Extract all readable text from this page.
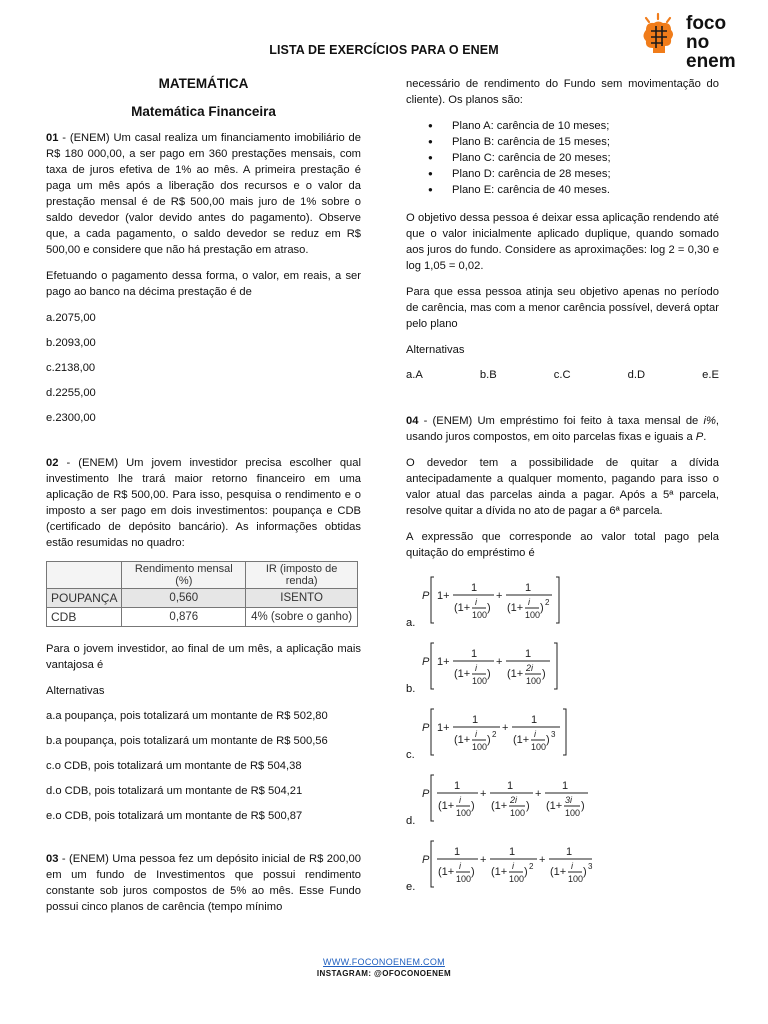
LISTA DE EXERCÍCIOS PARA O ENEM
foco
no enem

MATEMÁTICA

Matemática Financeira

01 - (ENEM) Um casal realiza um financiamento imobiliário de R$ 180 000,00, a ser pago em 360 prestações mensais, com taxa de juros efetiva de 1% ao mês. A primeira prestação é paga um mês após a liberação dos recursos e o valor da prestação mensal é de R$ 500,00 mais juro de 1% sobre o saldo devedor (valor devido antes do pagamento). Observe que, a cada pagamento, o saldo devedor se reduz em R$ 500,00 e considere que não há prestação em atraso.

Efetuando o pagamento dessa forma, o valor, em reais, a ser pago ao banco na décima prestação é de

a.2075,00

b.2093,00

c.2138,00

d.2255,00

e.2300,00

02 - (ENEM) Um jovem investidor precisa escolher qual investimento lhe trará maior retorno financeiro em uma aplicação de R$ 500,00. Para isso, pesquisa o rendimento e o imposto a ser pago em dois investimentos: poupança e CDB (certificado de depósito bancário). As informações obtidas estão resumidas no quadro:

	Rendimento mensal (%)	IR (imposto de renda)
POUPANÇA	0,560	ISENTO
CDB	0,876	4% (sobre o ganho)

Para o jovem investidor, ao final de um mês, a aplicação mais vantajosa é

Alternativas

a.a poupança, pois totalizará um montante de R$ 502,80

b.a poupança, pois totalizará um montante de R$ 500,56

c.o CDB, pois totalizará um montante de R$ 504,38

d.o CDB, pois totalizará um montante de R$ 504,21

e.o CDB, pois totalizará um montante de R$ 500,87

03 - (ENEM) Uma pessoa fez um depósito inicial de R$ 200,00 em um fundo de Investimentos que possui rendimento constante sob juros compostos de 5% ao mês. Esse Fundo possui cinco planos de carência (tempo mínimo

necessário de rendimento do Fundo sem movimentação do cliente). Os planos são:

● Plano A: carência de 10 meses;
● Plano B: carência de 15 meses;
● Plano C: carência de 20 meses;
● Plano D: carência de 28 meses;
● Plano E: carência de 40 meses.

O objetivo dessa pessoa é deixar essa aplicação rendendo até que o valor inicialmente aplicado duplique, quando somado aos juros do fundo. Considere as aproximações: log 2 = 0,30 e log 1,05 = 0,02.

Para que essa pessoa atinja seu objetivo apenas no período de carência, mas com a menor carência possível, deverá optar pelo plano

Alternativas

a.A	b.B	c.C	d.D	e.E

04 - (ENEM) Um empréstimo foi feito à taxa mensal de i%, usando juros compostos, em oito parcelas fixas e iguais a P.

O devedor tem a possibilidade de quitar a dívida antecipadamente a qualquer momento, pagando para isso o valor atual das parcelas ainda a pagar. Após a 5ª parcela, resolve quitar a dívida no ato de pagar a 6ª parcela.

A expressão que corresponde ao valor total pago pela quitação do empréstimo é

a.
P 1+
1
(1+ i
100
)
+
1
(1+ i
100
) 2
b.
P 1+
1
(1+ i
100
)
+
1
(1+ 2i
100
)
c.
P 1+
1
(1+ i
100
) 2
+
1
(1+ i
100
) 3
d.
P
1
(1+ i
100
)
+
1
(1+ 2i
100
)
+
1
(1+ 3i
100
)
e.
P
1
(1+ i
100
)
+
1
(1+ i
100
) 2
+
1
(1+ i
100
) 3
WWW.FOCONOENEM.COM
INSTAGRAM: @OFOCONOENEM
